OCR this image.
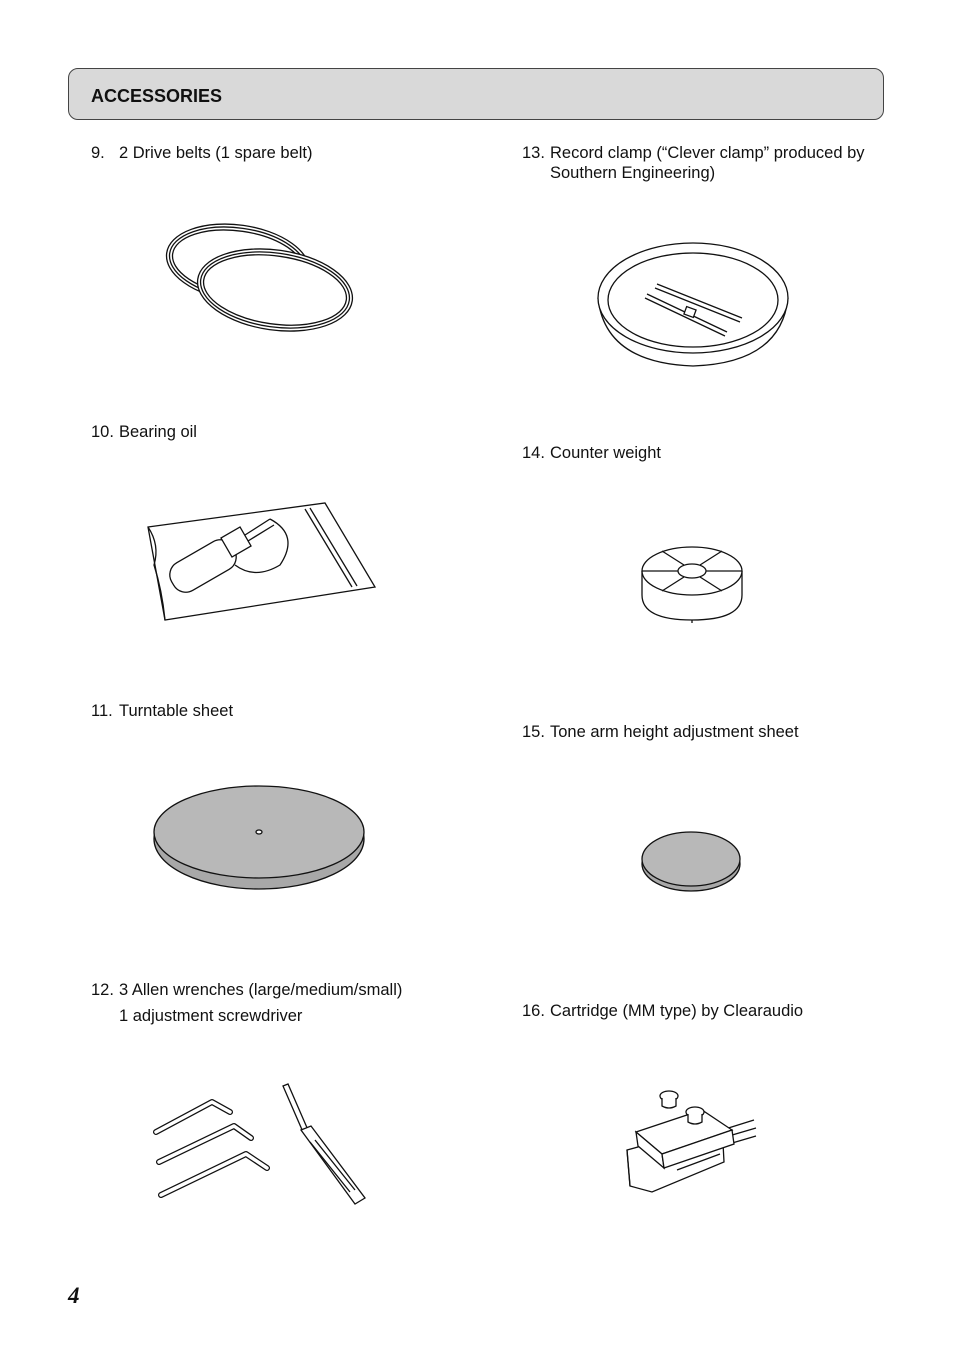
ACCESSORIES
9. 2 Drive belts (1 spare belt)
10. Bearing oil
11. Turntable sheet
12. 3 Allen wrenches (large/medium/small)
1 adjustment screwdriver
13. Record clamp (“Clever clamp” produced by
Southern Engineering)
14. Counter weight
15. Tone arm height adjustment sheet
16. Cartridge (MM type) by Clearaudio
4
